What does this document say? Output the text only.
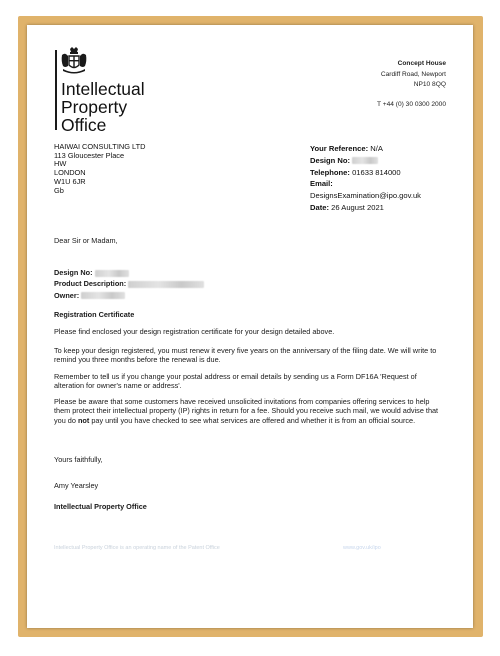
Intellectual
Property
Office
Concept House
Cardiff Road, Newport
NP10 8QQ
T +44 (0) 30 0300 2000
HAIWAI CONSULTING LTD
113 Gloucester Place
HW
LONDON
W1U 6JR
Gb
Your Reference: N/A
Design No:
Telephone: 01633 814000
Email:
DesignsExamination@ipo.gov.uk
Date: 26 August 2021
Dear Sir or Madam,
Design No:
Product Description:
Owner:
Registration Certificate
Please find enclosed your design registration certificate for your design detailed above.
To keep your design registered, you must renew it every five years on the anniversary of the filing date. We will write to remind you three months before the renewal is due.
Remember to tell us if you change your postal address or email details by sending us a Form DF16A 'Request of alteration for owner's name or address'.
Please be aware that some customers have received unsolicited invitations from companies offering services to help them protect their intellectual property (IP) rights in return for a fee. Should you receive such mail, we would advise that you do not pay until you have checked to see what services are offered and whether it is from an official source.
Yours faithfully,
Amy Yearsley
Intellectual Property Office
Intellectual Property Office is an operating name of the Patent Office	www.gov.uk/ipo
